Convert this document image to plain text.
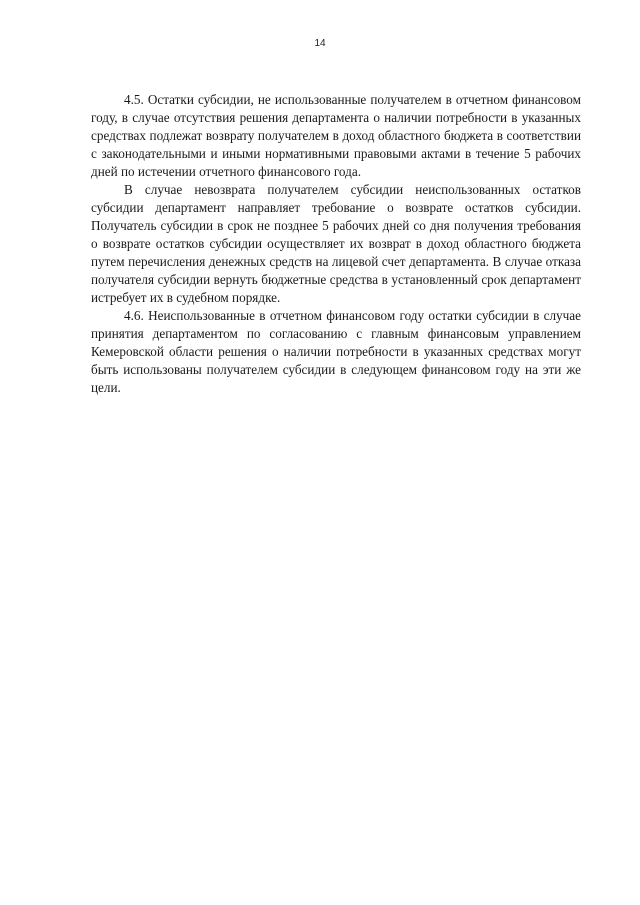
14

4.5. Остатки субсидии, не использованные получателем в отчетном финансовом году, в случае отсутствия решения департамента о наличии потребности в указанных средствах подлежат возврату получателем в доход областного бюджета в соответствии с законодательными и иными нормативными правовыми актами в течение 5 рабочих дней по истечении отчетного финансового года.

В случае невозврата получателем субсидии неиспользованных остатков субсидии департамент направляет требование о возврате остатков субсидии. Получатель субсидии в срок не позднее 5 рабочих дней со дня получения требования о возврате остатков субсидии осуществляет их возврат в доход областного бюджета путем перечисления денежных средств на лицевой счет департамента. В случае отказа получателя субсидии вернуть бюджетные средства в установленный срок департамент истребует их в судебном порядке.

4.6. Неиспользованные в отчетном финансовом году остатки субсидии в случае принятия департаментом по согласованию с главным финансовым управлением Кемеровской области решения о наличии потребности в указанных средствах могут быть использованы получателем субсидии в следующем финансовом году на эти же цели.
